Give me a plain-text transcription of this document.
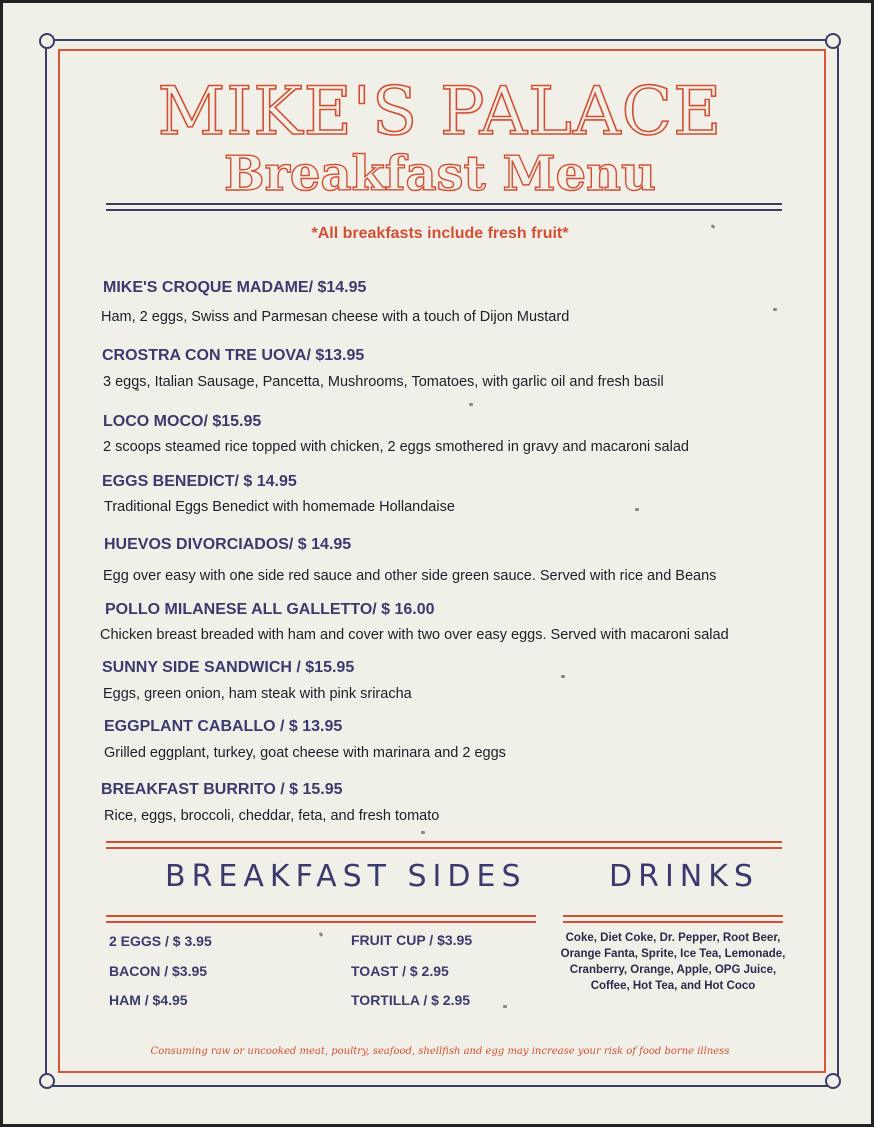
MIKE'S PALACE
Breakfast Menu
*All breakfasts include fresh fruit*
MIKE'S CROQUE MADAME/ $14.95
Ham, 2 eggs, Swiss and Parmesan cheese with a touch of Dijon Mustard
CROSTRA CON TRE UOVA/ $13.95
3 eggs, Italian Sausage, Pancetta, Mushrooms, Tomatoes, with garlic oil and fresh basil
LOCO MOCO/ $15.95
2 scoops steamed rice topped with chicken, 2 eggs smothered in gravy and macaroni salad
EGGS BENEDICT/ $ 14.95
Traditional Eggs Benedict with homemade Hollandaise
HUEVOS DIVORCIADOS/ $ 14.95
Egg over easy with one side red sauce and other side green sauce. Served with rice and Beans
POLLO MILANESE ALL GALLETTO/ $ 16.00
Chicken breast breaded with ham and cover with two over easy eggs. Served with macaroni salad
SUNNY SIDE SANDWICH / $15.95
Eggs, green onion, ham steak with pink sriracha
EGGPLANT CABALLO / $ 13.95
Grilled eggplant, turkey, goat cheese with marinara and 2 eggs
BREAKFAST BURRITO / $ 15.95
Rice, eggs, broccoli, cheddar, feta, and fresh tomato
BREAKFAST SIDES
2 EGGS / $ 3.95
BACON / $3.95
HAM / $4.95
FRUIT CUP / $3.95
TOAST / $ 2.95
TORTILLA / $ 2.95
DRINKS
Coke, Diet Coke, Dr. Pepper, Root Beer, Orange Fanta, Sprite, Ice Tea, Lemonade, Cranberry, Orange, Apple, OPG Juice, Coffee, Hot Tea, and Hot Coco
Consuming raw or uncooked meat, poultry, seafood, shellfish and egg may increase your risk of food borne illness
